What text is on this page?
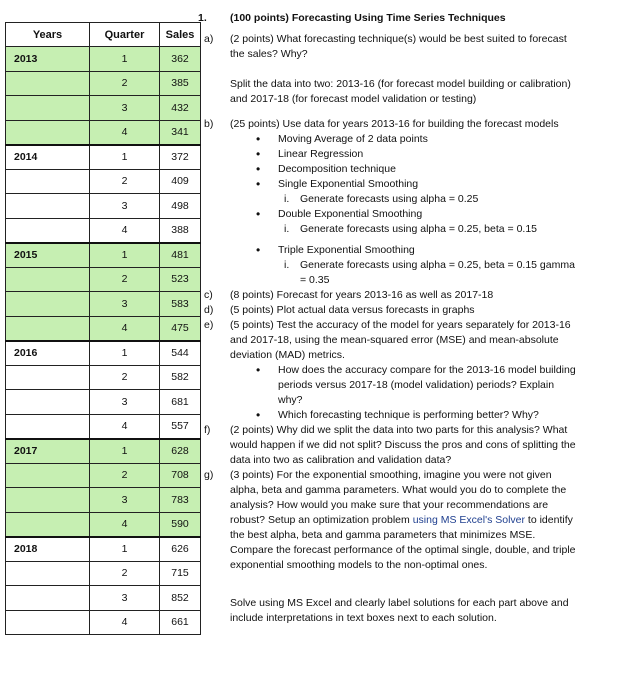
Years	Quarter	Sales
2013	1	362
	2	385
	3	432
	4	341
2014	1	372
	2	409
	3	498
	4	388
2015	1	481
	2	523
	3	583
	4	475
2016	1	544
	2	582
	3	681
	4	557
2017	1	628
	2	708
	3	783
	4	590
2018	1	626
	2	715
	3	852
	4	661
1.	(100 points) Forecasting Using Time Series Techniques
a)	(2 points) What forecasting technique(s) would be best suited to forecast the sales? Why?
Split the data into two: 2013-16 (for forecast model building or calibration) and 2017-18 (for forecast model validation or testing)
b)	(25 points) Use data for years 2013-16 for building the forecast models
•	Moving Average of 2 data points
•	Linear Regression
•	Decomposition technique
•	Single Exponential Smoothing
i.	Generate forecasts using alpha = 0.25
•	Double Exponential Smoothing
i.	Generate forecasts using alpha = 0.25, beta = 0.15
•	Triple Exponential Smoothing
i.	Generate forecasts using alpha = 0.25, beta = 0.15 gamma = 0.35
c)	(8 points) Forecast for years 2013-16 as well as 2017-18
d)	(5 points) Plot actual data versus forecasts in graphs
e)	(5 points) Test the accuracy of the model for years separately for 2013-16 and 2017-18, using the mean-squared error (MSE) and mean-absolute deviation (MAD) metrics.
•	How does the accuracy compare for the 2013-16 model building periods versus 2017-18 (model validation) periods? Explain why?
•	Which forecasting technique is performing better? Why?
f)	(2 points) Why did we split the data into two parts for this analysis? What would happen if we did not split? Discuss the pros and cons of splitting the data into two as calibration and validation data?
g)	(3 points) For the exponential smoothing, imagine you were not given alpha, beta and gamma parameters. What would you do to complete the analysis? How would you make sure that your recommendations are robust? Setup an optimization problem using MS Excel's Solver to identify the best alpha, beta and gamma parameters that minimizes MSE. Compare the forecast performance of the optimal single, double, and triple exponential smoothing models to the non-optimal ones.
Solve using MS Excel and clearly label solutions for each part above and include interpretations in text boxes next to each solution.
